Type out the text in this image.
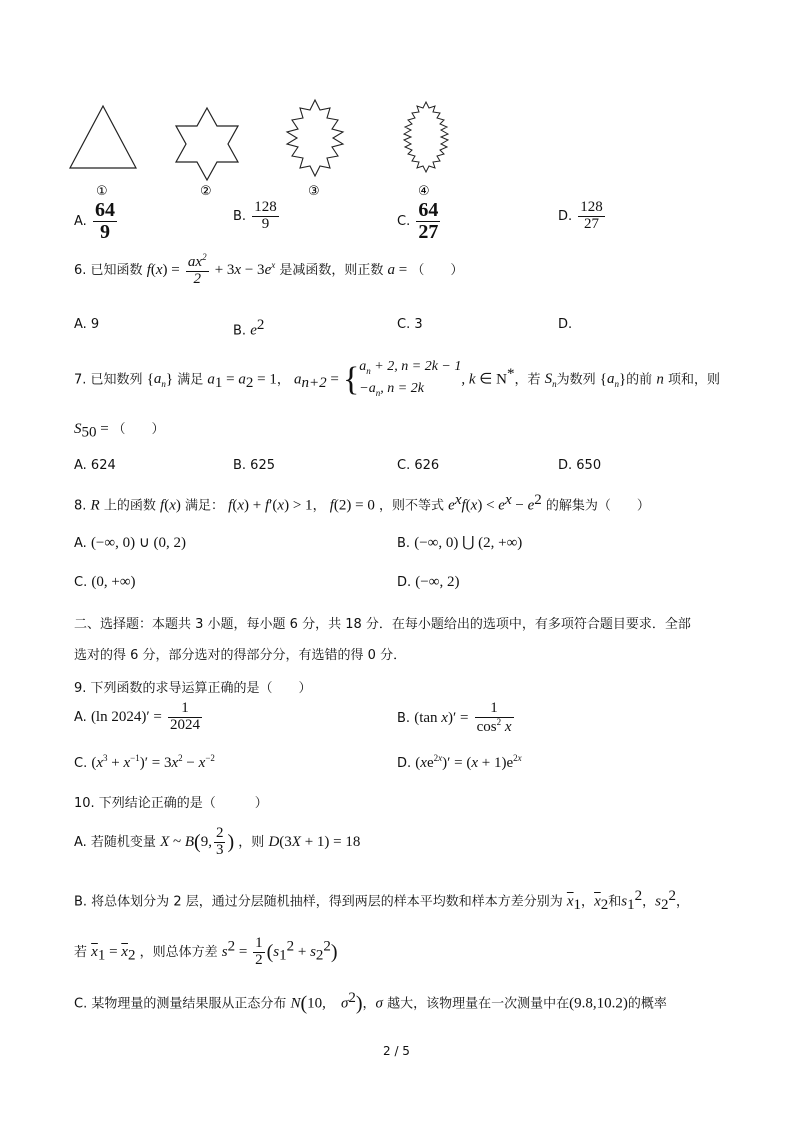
①	②	③	④
A. $\frac{64}{9}$	B. $\frac{128}{9}$	C. $\frac{64}{27}$	D. $\frac{128}{27}$
6. 已知函数 $f(x) = \frac{ax^2}{2} + 3x - 3e^x$ 是减函数，则正数 a = （　　）
A. 9	B. $e^2$	C. 3	D.
7. 已知数列 $\{a_n\}$ 满足 $a_1 = a_2 = 1$， $a_{n+2}$ = { $a_n + 2$, n = 2k − 1
$-a_n$, n = 2k
, k ∈ N*，若 $S_n$为数列 $\{a_n\}$的前 n 项和，则
$S_{50}$ = （　　）
A. 624	B. 625	C. 626	D. 650
8. R 上的函数 f(x) 满足： f(x) + f′(x) > 1， f(2) = 0 ，则不等式 $e^xf(x) < e^x - e^2$ 的解集为（　　）
A. (−∞, 0) ∪ (0, 2)	B. (−∞, 0) ⋃ (2, +∞)
C. (0, +∞)	D. (−∞, 2)
二、选择题：本题共 3 小题，每小题 6 分，共 18 分．在每小题给出的选项中，有多项符合题目要求．全部
选对的得 6 分，部分选对的得部分分，有选错的得 0 分．
9. 下列函数的求导运算正确的是（　　）
A. (ln $2024)' = \frac{1}{2024}$	B. (tan $x)' = \frac{1}{\cos^2 x}$
C. $(x^3 + x^{-1})' = 3x^2 - x^{-2}$	D. $(xe^{2x})' = (x + 1)e^{2x}$
10. 下列结论正确的是（　　　）
A. 若随机变量 X ~ B(9, $\frac{2}{3}$ ) ，则 D(3X + 1) = 18
B. 将总体划分为 2 层，通过分层随机抽样，得到两层的样本平均数和样本方差分别为 $\overline{x}_1$，$\overline{x}_2$和$s_1^2$，$s_2^2$，
若 $\overline{x}_1 = \overline{x}_2$ ，则总体方差 $s^2 = \frac{1}{2} (s_1^2 + s_2^2)$
C. 某物理量的测量结果服从正态分布 N(10,　$\sigma^2$)，σ 越大，该物理量在一次测量中在(9.8,10.2)的概率
2 / 5
